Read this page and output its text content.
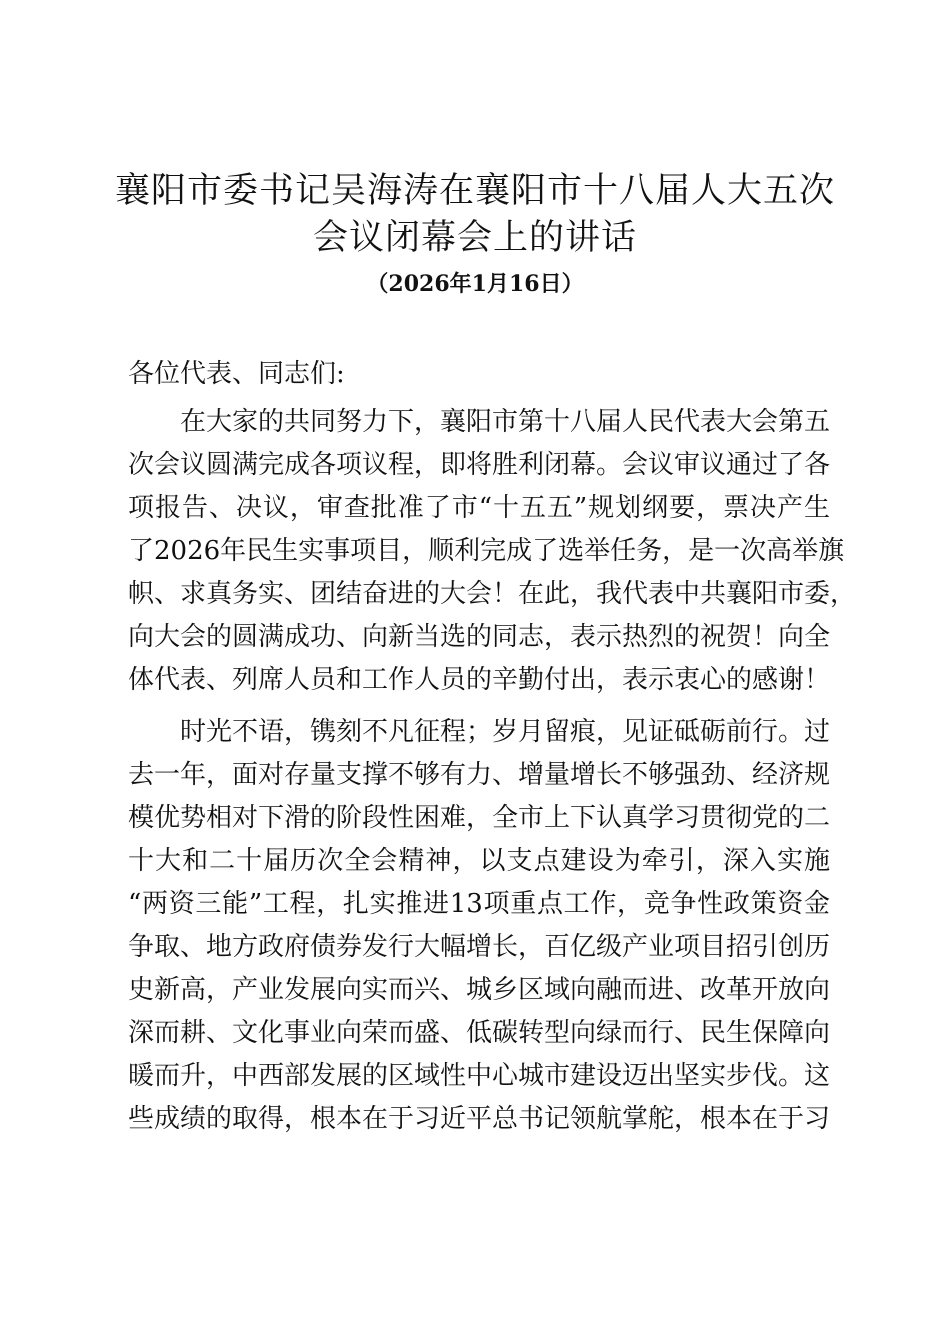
襄阳市委书记吴海涛在襄阳市十八届人大五次
会议闭幕会上的讲话
（2026年1月16日）
各位代表、同志们:
在大家的共同努力下，襄阳市第十八届人民代表大会第五
次会议圆满完成各项议程，即将胜利闭幕。会议审议通过了各
项报告、决议，审查批准了市“十五五”规划纲要，票决产生
了2026年民生实事项目，顺利完成了选举任务，是一次高举旗
帜、求真务实、团结奋进的大会！在此，我代表中共襄阳市委，
向大会的圆满成功、向新当选的同志，表示热烈的祝贺！向全
体代表、列席人员和工作人员的辛勤付出，表示衷心的感谢！
时光不语，镌刻不凡征程；岁月留痕，见证砥砺前行。过
去一年，面对存量支撑不够有力、增量增长不够强劲、经济规
模优势相对下滑的阶段性困难，全市上下认真学习贯彻党的二
十大和二十届历次全会精神，以支点建设为牵引，深入实施
“两资三能”工程，扎实推进13项重点工作，竞争性政策资金
争取、地方政府债券发行大幅增长，百亿级产业项目招引创历
史新高，产业发展向实而兴、城乡区域向融而进、改革开放向
深而耕、文化事业向荣而盛、低碳转型向绿而行、民生保障向
暖而升，中西部发展的区域性中心城市建设迈出坚实步伐。这
些成绩的取得，根本在于习近平总书记领航掌舵，根本在于习
